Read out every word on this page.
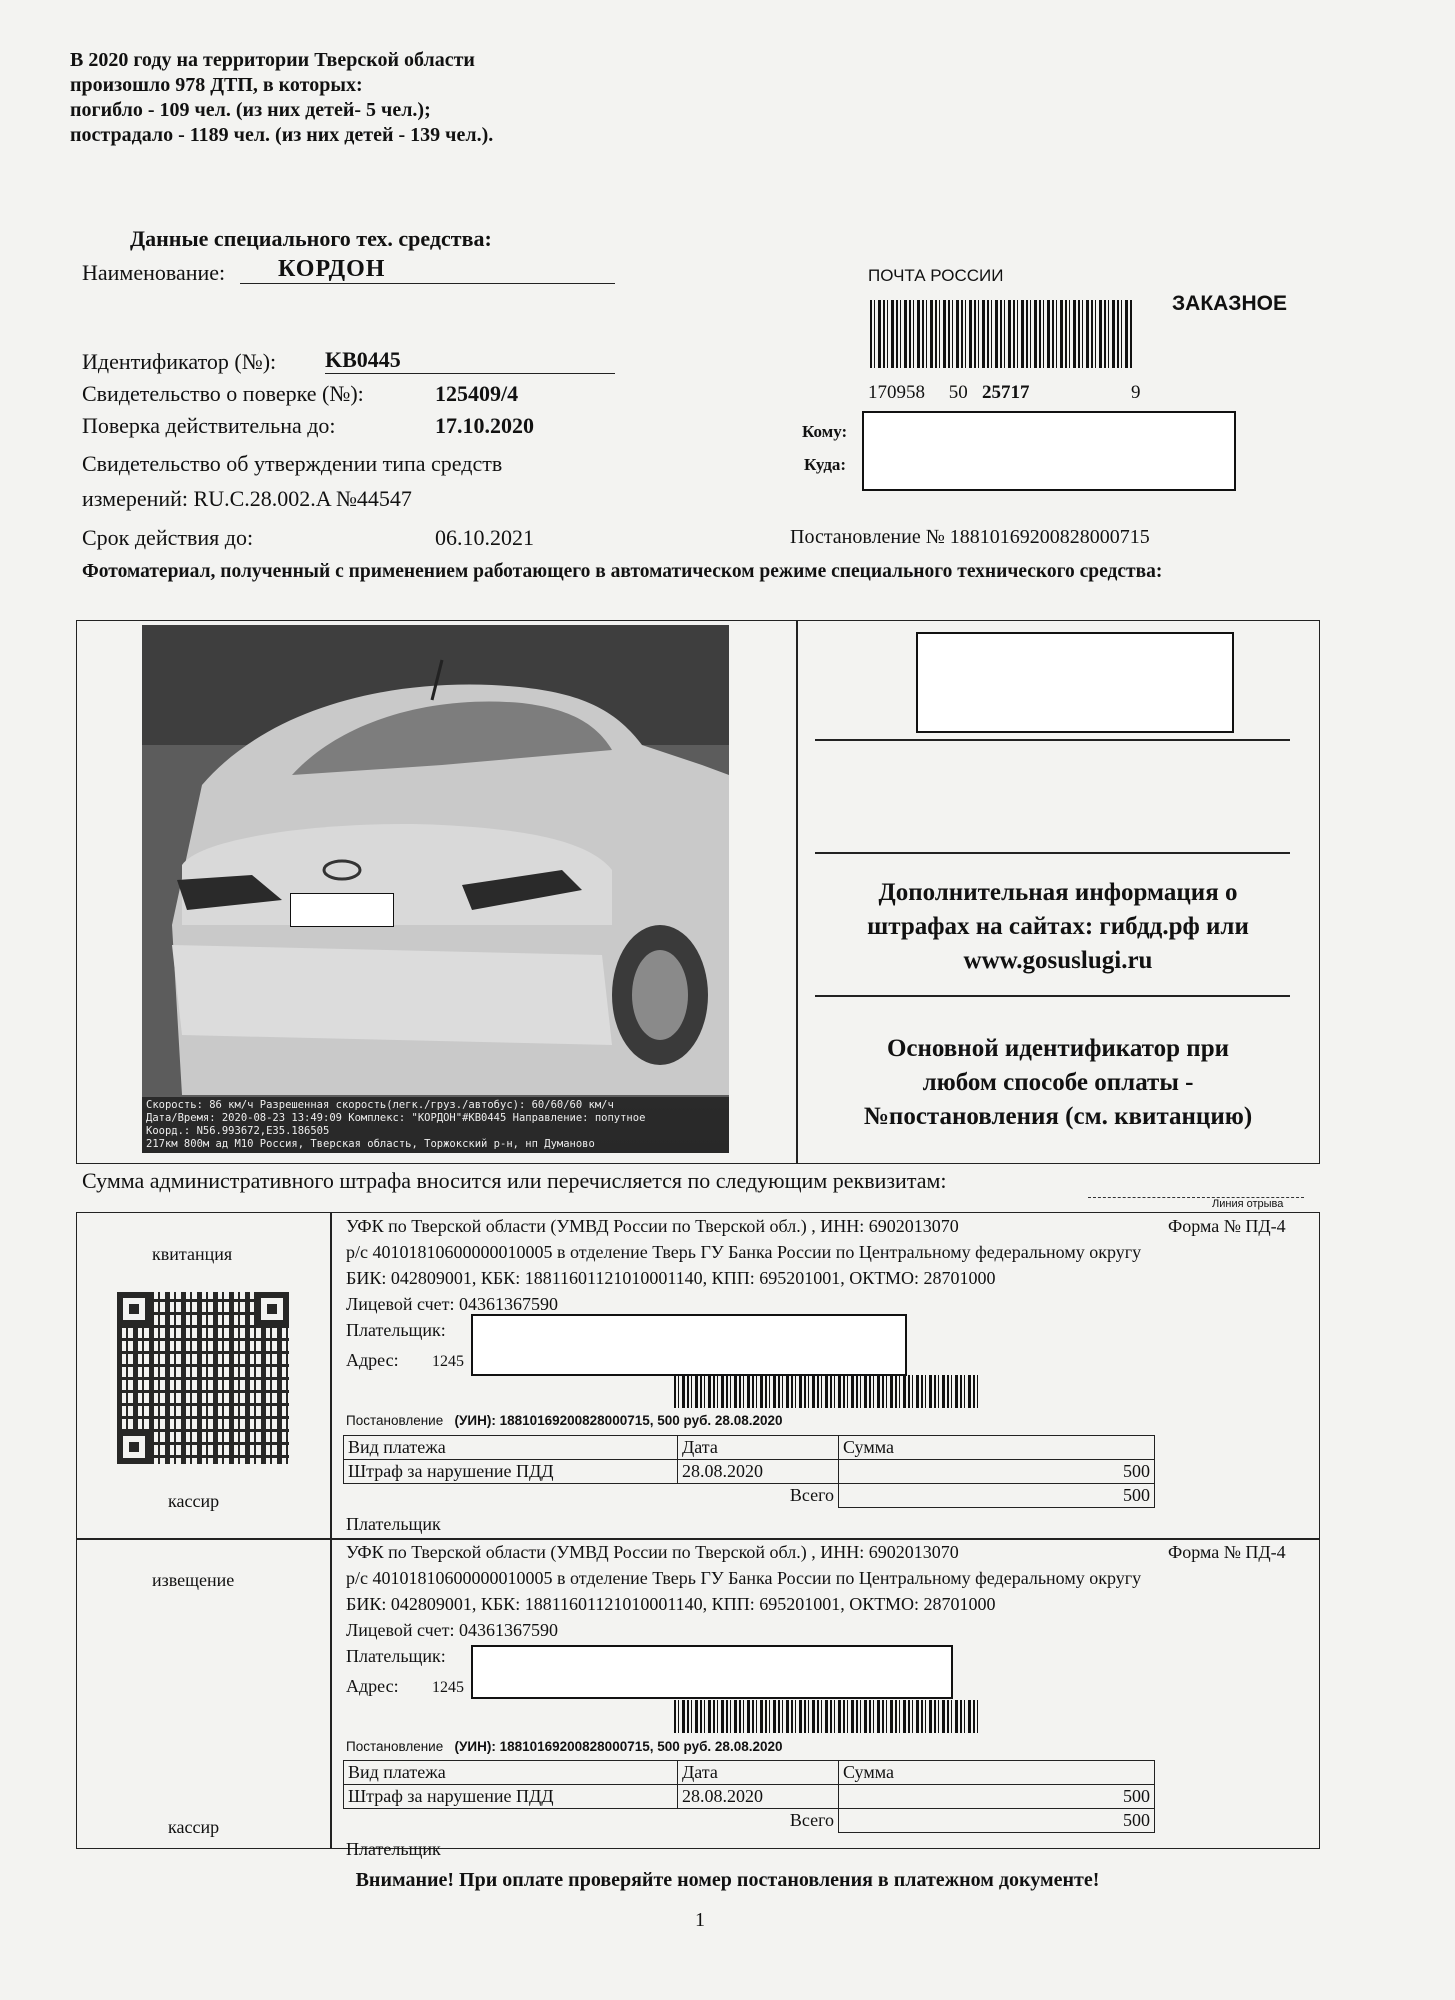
В 2020 году на территории Тверской области
произошло 978 ДТП, в которых:
погибло - 109 чел. (из них детей- 5 чел.);
пострадало - 1189 чел. (из них детей - 139 чел.).
Данные специального тех. средства:
Наименование:	КОРДОН
Идентификатор (№): KB0445
Свидетельство о поверке (№):	125409/4
Поверка действительна до:	17.10.2020
Свидетельство об утверждении типа средств
измерений: RU.C.28.002.A №44547
Срок действия до:	06.10.2021
ПОЧТА РОССИИ
ЗАКАЗНОЕ
170958 50 25717	9
Кому:
Куда:
Постановление № 18810169200828000715
Фотоматериал, полученный с применением работающего в автоматическом режиме специального технического средства:
Скорость: 86 км/ч Разрешенная скорость(легк./груз./автобус): 60/60/60 км/ч
Дата/Время: 2020-08-23 13:49:09 Комплекс: "КОРДОН"#КВ0445 Направление: попутное
Коорд.: N56.993672,E35.186505
217км 800м ад М10 Россия, Тверская область, Торжокский р-н, нп Думаново
Дополнительная информация о
штрафах на сайтах: гибдд.рф или
www.gosuslugi.ru
Основной идентификатор при
любом способе оплаты -
№постановления (см. квитанцию)
Сумма административного штрафа вносится или перечисляется по следующим реквизитам:
Линия отрыва
квитанция
кассир
УФК по Тверской области (УМВД России по Тверской обл.) , ИНН: 6902013070	Форма № ПД-4
р/с 40101810600000010005 в отделение Тверь ГУ Банка России по Центральному федеральному округу
БИК: 042809001, КБК: 18811601121010001140, КПП: 695201001, ОКТМО: 28701000
Лицевой счет: 04361367590
Плательщик:
Адрес: 1245
Постановление (УИН): 18810169200828000715, 500 руб. 28.08.2020
Вид платежа	Дата	Сумма
Штраф за нарушение ПДД	28.08.2020	500
	Всего	500
Плательщик
извещение
кассир
УФК по Тверской области (УМВД России по Тверской обл.) , ИНН: 6902013070	Форма № ПД-4
р/с 40101810600000010005 в отделение Тверь ГУ Банка России по Центральному федеральному округу
БИК: 042809001, КБК: 18811601121010001140, КПП: 695201001, ОКТМО: 28701000
Лицевой счет: 04361367590
Плательщик:
Адрес: 1245
Постановление (УИН): 18810169200828000715, 500 руб. 28.08.2020
Вид платежа	Дата	Сумма
Штраф за нарушение ПДД	28.08.2020	500
	Всего	500
Плательщик
Внимание! При оплате проверяйте номер постановления в платежном документе!
1
